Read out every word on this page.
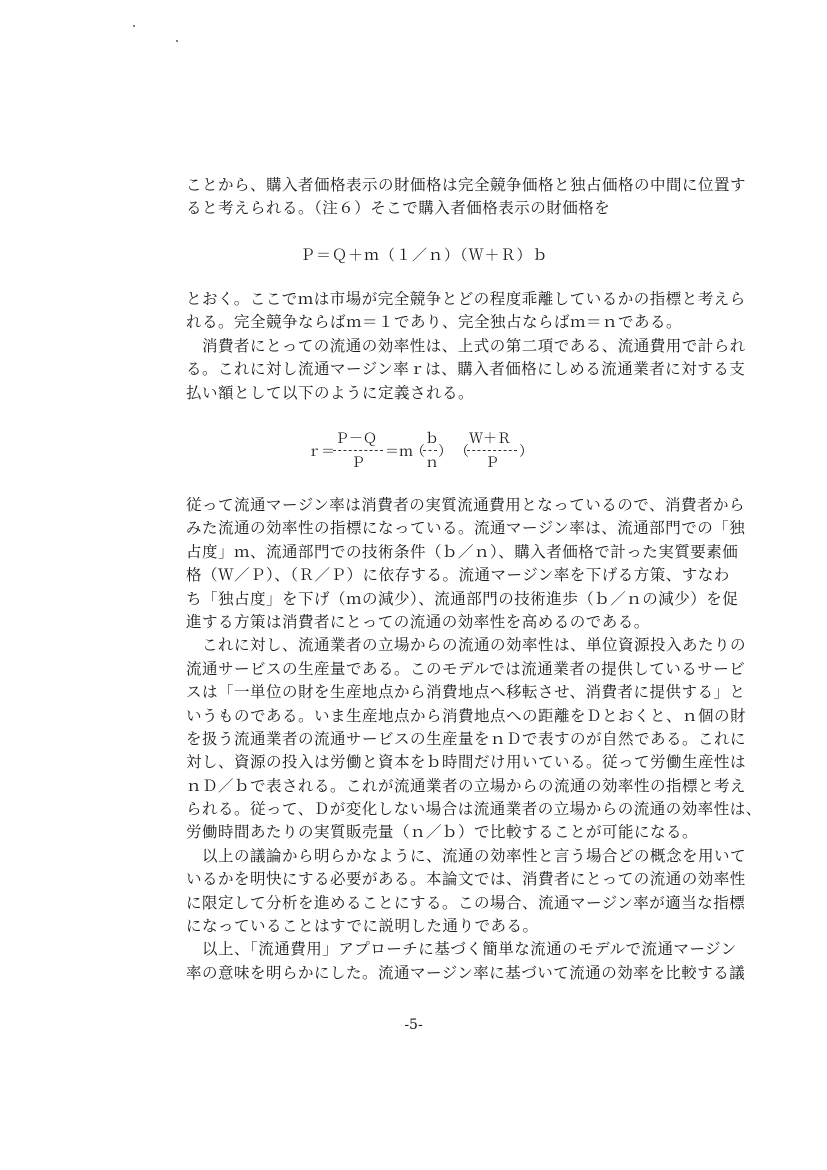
ことから、購入者価格表示の財価格は完全競争価格と独占価格の中間に位置す
ると考えられる。（注６）そこで購入者価格表示の財価格を
Ｐ＝Ｑ＋ｍ（１／ｎ）（Ｗ＋Ｒ）ｂ
とおく。ここでｍは市場が完全競争とどの程度乖離しているかの指標と考えら
れる。完全競争ならばｍ＝１であり、完全独占ならばｍ＝ｎである。
　消費者にとっての流通の効率性は、上式の第二項である、流通費用で計られ
る。これに対し流通マージン率ｒは、購入者価格にしめる流通業者に対する支
払い額として以下のように定義される。
ｒ＝
Ｐ－Ｑ
Ｐ
＝ｍ
（
ｂ
ｎ
） （
Ｗ＋Ｒ
Ｐ
）
従って流通マージン率は消費者の実質流通費用となっているので、消費者から
みた流通の効率性の指標になっている。流通マージン率は、流通部門での「独
占度」ｍ、流通部門での技術条件（ｂ／ｎ）、購入者価格で計った実質要素価
格（Ｗ／Ｐ）、（Ｒ／Ｐ）に依存する。流通マージン率を下げる方策、すなわ
ち「独占度」を下げ（ｍの減少）、流通部門の技術進歩（ｂ／ｎの減少）を促
進する方策は消費者にとっての流通の効率性を高めるのである。
　これに対し、流通業者の立場からの流通の効率性は、単位資源投入あたりの
流通サービスの生産量である。このモデルでは流通業者の提供しているサービ
スは「一単位の財を生産地点から消費地点へ移転させ、消費者に提供する」と
いうものである。いま生産地点から消費地点への距離をＤとおくと、ｎ個の財
を扱う流通業者の流通サービスの生産量をｎＤで表すのが自然である。これに
対し、資源の投入は労働と資本をｂ時間だけ用いている。従って労働生産性は
ｎＤ／ｂで表される。これが流通業者の立場からの流通の効率性の指標と考え
られる。従って、Ｄが変化しない場合は流通業者の立場からの流通の効率性は、
労働時間あたりの実質販売量（ｎ／ｂ）で比較することが可能になる。
　以上の議論から明らかなように、流通の効率性と言う場合どの概念を用いて
いるかを明快にする必要がある。本論文では、消費者にとっての流通の効率性
に限定して分析を進めることにする。この場合、流通マージン率が適当な指標
になっていることはすでに説明した通りである。
　以上、「流通費用」アプローチに基づく簡単な流通のモデルで流通マージン
率の意味を明らかにした。流通マージン率に基づいて流通の効率を比較する議
-5-
